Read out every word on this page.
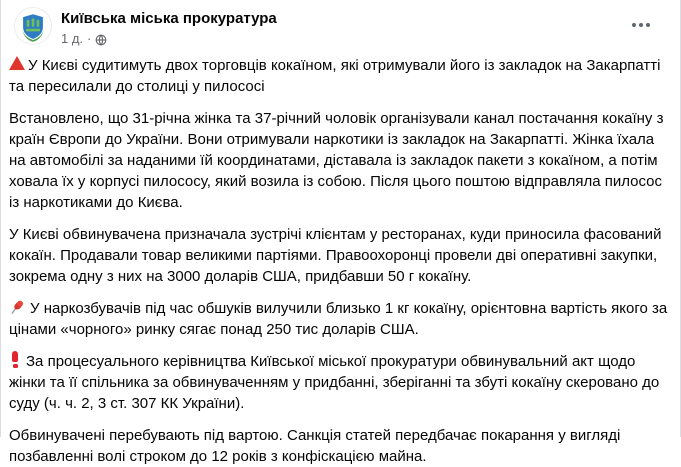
Київська міська прокуратура
1 д. ·

У Києві судитимуть двох торговців кокаїном, які отримували його із закладок на Закарпатті та пересилали до столиці у пилососі

Встановлено, що 31-річна жінка та 37-річний чоловік організували канал постачання кокаїну з країн Європи до України. Вони отримували наркотики із закладок на Закарпатті. Жінка їхала на автомобілі за наданими їй координатами, діставала із закладок пакети з кокаїном, а потім ховала їх у корпусі пилососу, який возила із собою. Після цього поштою відправляла пилосос із наркотиками до Києва.

У Києві обвинувачена призначала зустрічі клієнтам у ресторанах, куди приносила фасований кокаїн. Продавали товар великими партіями. Правоохоронці провели дві оперативні закупки, зокрема одну з них на 3000 доларів США, придбавши 50 г кокаїну.

У наркозбувачів під час обшуків вилучили близько 1 кг кокаїну, орієнтовна вартість якого за цінами «чорного» ринку сягає понад 250 тис доларів США.

За процесуального керівництва Київської міської прокуратури обвинувальний акт щодо жінки та її спільника за обвинуваченням у придбанні, зберіганні та збуті кокаїну скеровано до суду (ч. ч. 2, 3 ст. 307 КК України).

Обвинувачені перебувають під вартою. Санкція статей передбачає покарання у вигляді позбавленні волі строком до 12 років з конфіскацією майна.
